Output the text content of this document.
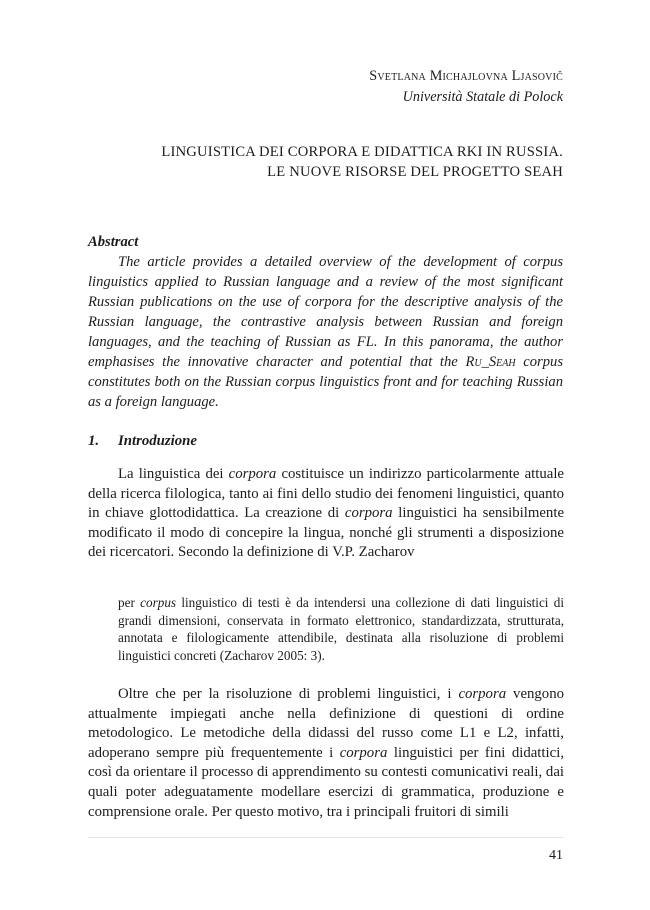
Svetlana Michajlovna Ljasovič
Università Statale di Polock
LINGUISTICA DEI CORPORA E DIDATTICA RKI IN RUSSIA.
LE NUOVE RISORSE DEL PROGETTO SEAH
Abstract
The article provides a detailed overview of the development of corpus linguistics applied to Russian language and a review of the most significant Russian publications on the use of corpora for the descriptive analysis of the Russian language, the contrastive analysis between Russian and foreign languages, and the teaching of Russian as FL. In this panorama, the author emphasises the innovative character and potential that the Ru_Seah corpus constitutes both on the Russian corpus linguistics front and for teaching Russian as a foreign language.
1. Introduzione
La linguistica dei corpora costituisce un indirizzo particolarmente attuale della ricerca filologica, tanto ai fini dello studio dei fenomeni linguistici, quanto in chiave glottodidattica. La creazione di corpora linguistici ha sensibilmente modificato il modo di concepire la lingua, nonché gli strumenti a disposizione dei ricercatori. Secondo la definizione di V.P. Zacharov
per corpus linguistico di testi è da intendersi una collezione di dati linguistici di grandi dimensioni, conservata in formato elettronico, standardizzata, strutturata, annotata e filologicamente attendibile, destinata alla risoluzione di problemi linguistici concreti (Zacharov 2005: 3).
Oltre che per la risoluzione di problemi linguistici, i corpora vengono attualmente impiegati anche nella definizione di questioni di ordine metodologico. Le metodiche della didassi del russo come L1 e L2, infatti, adoperano sempre più frequentemente i corpora linguistici per fini didattici, così da orientare il processo di apprendimento su contesti comunicativi reali, dai quali poter adeguatamente modellare esercizi di grammatica, produzione e comprensione orale. Per questo motivo, tra i principali fruitori di simili
41
